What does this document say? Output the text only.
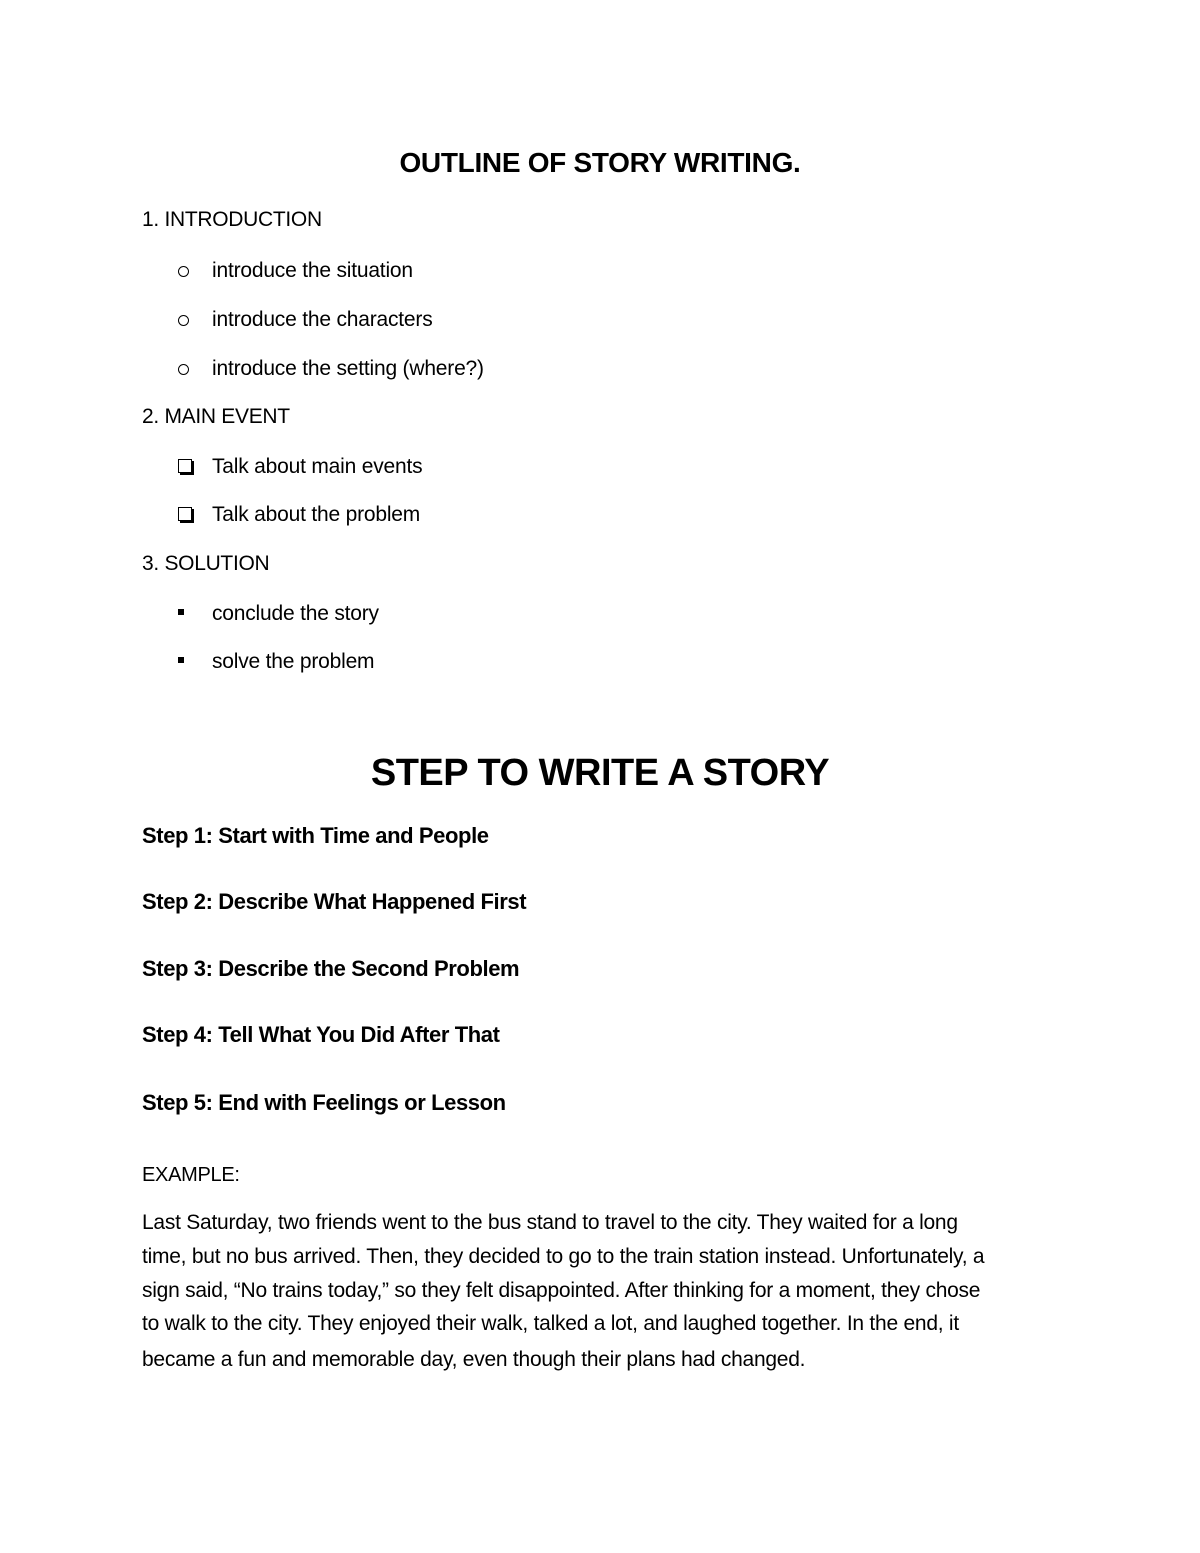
OUTLINE OF STORY WRITING.
1. INTRODUCTION
introduce the situation
introduce the characters
introduce the setting (where?)
2. MAIN EVENT
Talk about main events
Talk about the problem
3. SOLUTION
conclude the story
solve the problem
STEP TO WRITE A STORY
Step 1: Start with Time and People
Step 2: Describe What Happened First
Step 3: Describe the Second Problem
Step 4: Tell What You Did After That
Step 5: End with Feelings or Lesson
EXAMPLE:
Last Saturday, two friends went to the bus stand to travel to the city. They waited for a long
time, but no bus arrived. Then, they decided to go to the train station instead. Unfortunately, a
sign said, “No trains today,” so they felt disappointed. After thinking for a moment, they chose
to walk to the city. They enjoyed their walk, talked a lot, and laughed together. In the end, it
became a fun and memorable day, even though their plans had changed.
